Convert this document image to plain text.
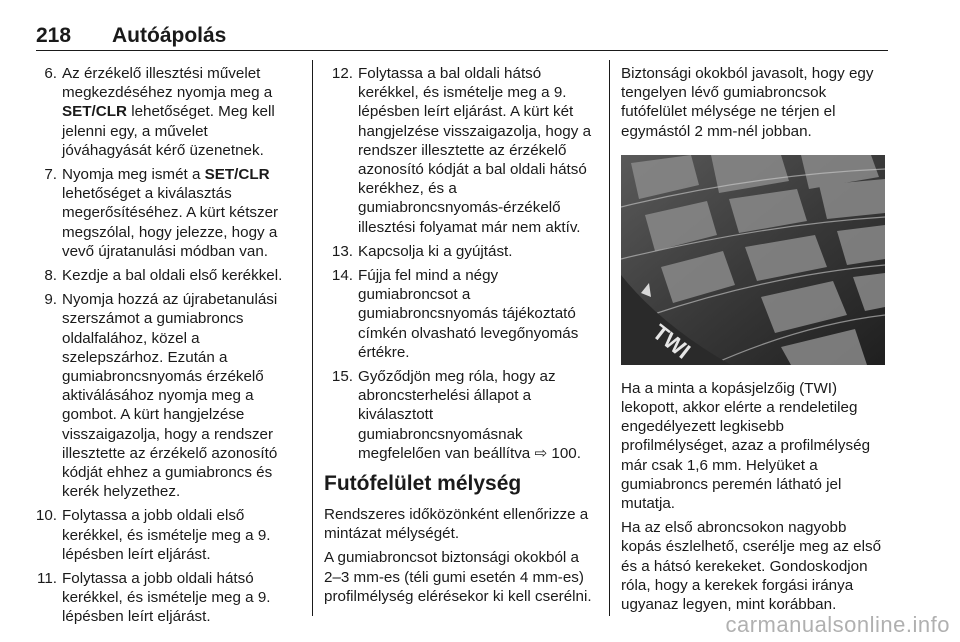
218 Autóápolás
6. Az érzékelő illesztési művelet megkezdéséhez nyomja meg a SET/CLR lehetőséget. Meg kell jelenni egy, a művelet jóváhagyását kérő üzenetnek.
7. Nyomja meg ismét a SET/CLR lehetőséget a kiválasztás megerősítéséhez. A kürt kétszer megszólal, hogy jelezze, hogy a vevő újratanulási módban van.
8. Kezdje a bal oldali első kerékkel.
9. Nyomja hozzá az újrabetanulási szerszámot a gumiabroncs oldalfalához, közel a szelepszárhoz. Ezután a gumiabroncsnyomás érzékelő aktiválásához nyomja meg a gombot. A kürt hangjelzése visszaigazolja, hogy a rendszer illesztette az érzékelő azonosító kódját ehhez a gumiabroncs és kerék helyzethez.
10. Folytassa a jobb oldali első kerékkel, és ismételje meg a 9. lépésben leírt eljárást.
11. Folytassa a jobb oldali hátsó kerékkel, és ismételje meg a 9. lépésben leírt eljárást.
12. Folytassa a bal oldali hátsó kerékkel, és ismételje meg a 9. lépésben leírt eljárást. A kürt két hangjelzése visszaigazolja, hogy a rendszer illesztette az érzékelő azonosító kódját a bal oldali hátsó kerékhez, és a gumiabroncsnyomás-érzékelő illesztési folyamat már nem aktív.
13. Kapcsolja ki a gyújtást.
14. Fújja fel mind a négy gumiabroncsot a gumiabroncsnyomás tájékoztató címkén olvasható levegőnyomás értékre.
15. Győződjön meg róla, hogy az abroncsterhelési állapot a kiválasztott gumiabroncsnyomásnak megfelelően van beállítva ⇨ 100.
Futófelület mélység

Rendszeres időközönként ellenőrizze a mintázat mélységét.

A gumiabroncsot biztonsági okokból a 2–3 mm-es (téli gumi esetén 4 mm-es) profilmélység elérésekor ki kell cserélni.

Biztonsági okokból javasolt, hogy egy tengelyen lévő gumiabroncsok futófelület mélysége ne térjen el egymástól 2 mm-nél jobban.

TWI

Ha a minta a kopásjelzőig (TWI) lekopott, akkor elérte a rendeletileg engedélyezett legkisebb profilmélységet, azaz a profilmélység már csak 1,6 mm. Helyüket a gumiabroncs peremén látható jel mutatja.

Ha az első abroncsokon nagyobb kopás észlelhető, cserélje meg az első és a hátsó kerekeket. Gondoskodjon róla, hogy a kerekek forgási iránya ugyanaz legyen, mint korábban.

carmanualsonline.info
